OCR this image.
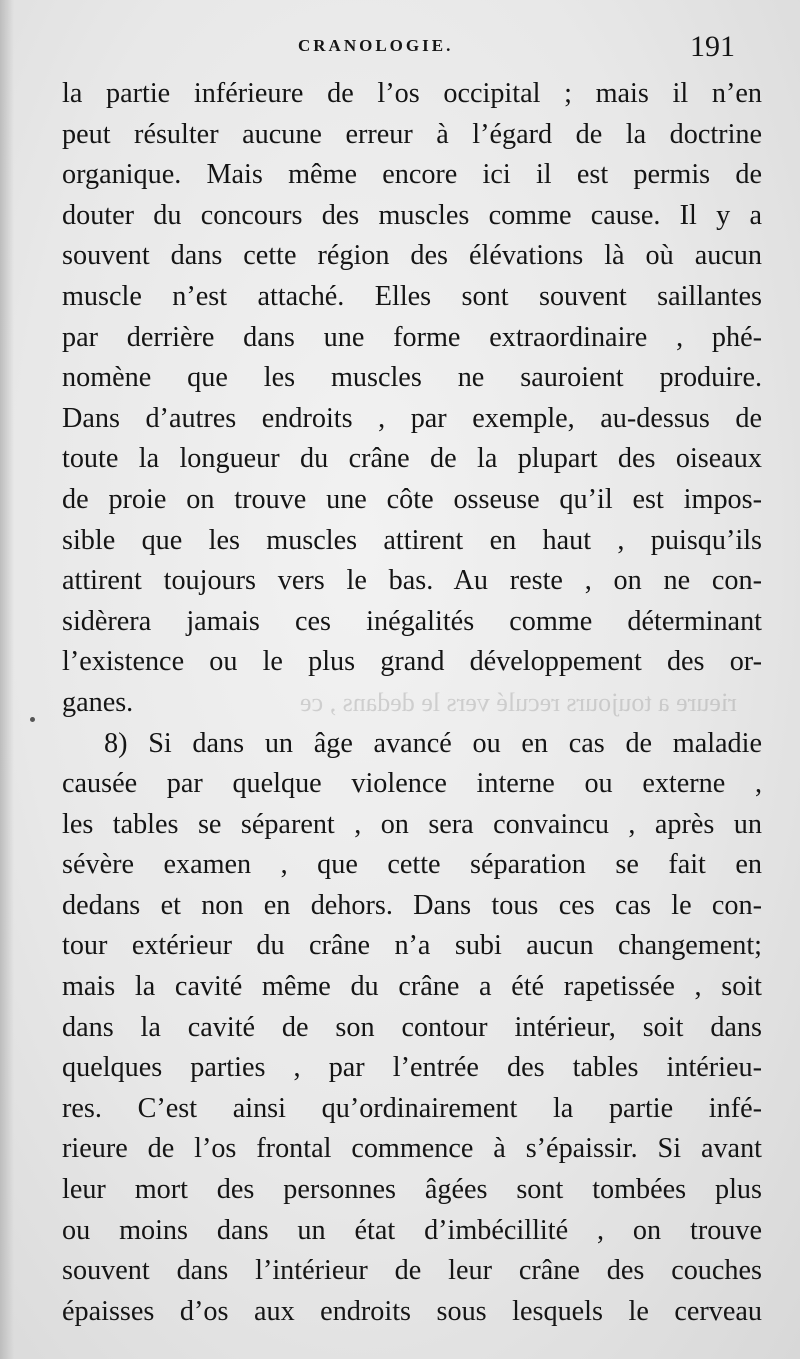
CRANOLOGIE.	191
rieure a toujours reculé vers le dedans , ce
la partie inférieure de l’os occipital ; mais il n’en
peut résulter aucune erreur à l’égard de la doctrine
organique. Mais même encore ici il est permis de
douter du concours des muscles comme cause. Il y a
souvent dans cette région des élévations là où aucun
muscle n’est attaché. Elles sont souvent saillantes
par derrière dans une forme extraordinaire , phé-
nomène que les muscles ne sauroient produire.
Dans d’autres endroits , par exemple, au-dessus de
toute la longueur du crâne de la plupart des oiseaux
de proie on trouve une côte osseuse qu’il est impos-
sible que les muscles attirent en haut , puisqu’ils
attirent toujours vers le bas. Au reste , on ne con-
sidèrera jamais ces inégalités comme déterminant
l’existence ou le plus grand développement des or-
ganes.
8) Si dans un âge avancé ou en cas de maladie
causée par quelque violence interne ou externe ,
les tables se séparent , on sera convaincu , après un
sévère examen , que cette séparation se fait en
dedans et non en dehors. Dans tous ces cas le con-
tour extérieur du crâne n’a subi aucun changement;
mais la cavité même du crâne a été rapetissée , soit
dans la cavité de son contour intérieur, soit dans
quelques parties , par l’entrée des tables intérieu-
res. C’est ainsi qu’ordinairement la partie infé-
rieure de l’os frontal commence à s’épaissir. Si avant
leur mort des personnes âgées sont tombées plus
ou moins dans un état d’imbécillité , on trouve
souvent dans l’intérieur de leur crâne des couches
épaisses d’os aux endroits sous lesquels le cerveau
